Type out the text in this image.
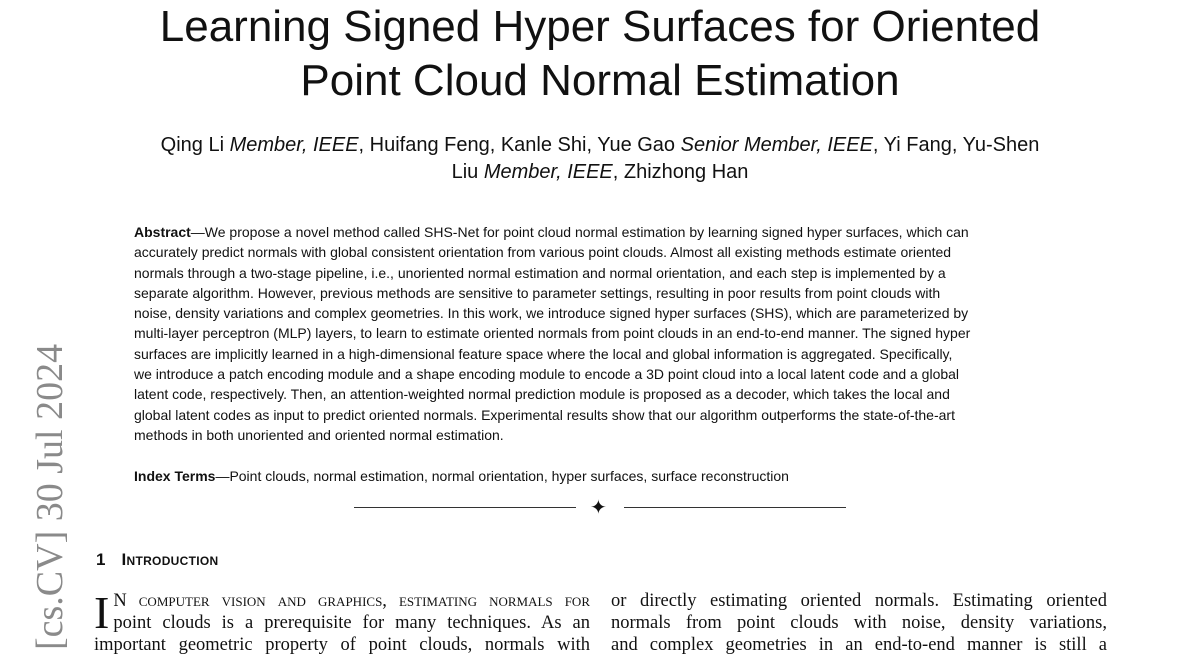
[cs.CV] 30 Jul 2024
Learning Signed Hyper Surfaces for Oriented
Point Cloud Normal Estimation
Qing Li Member, IEEE, Huifang Feng, Kanle Shi, Yue Gao Senior Member, IEEE, Yi Fang, Yu-Shen
Liu Member, IEEE, Zhizhong Han
Abstract—We propose a novel method called SHS-Net for point cloud normal estimation by learning signed hyper surfaces, which can
accurately predict normals with global consistent orientation from various point clouds. Almost all existing methods estimate oriented
normals through a two-stage pipeline, i.e., unoriented normal estimation and normal orientation, and each step is implemented by a
separate algorithm. However, previous methods are sensitive to parameter settings, resulting in poor results from point clouds with
noise, density variations and complex geometries. In this work, we introduce signed hyper surfaces (SHS), which are parameterized by
multi-layer perceptron (MLP) layers, to learn to estimate oriented normals from point clouds in an end-to-end manner. The signed hyper
surfaces are implicitly learned in a high-dimensional feature space where the local and global information is aggregated. Specifically,
we introduce a patch encoding module and a shape encoding module to encode a 3D point cloud into a local latent code and a global
latent code, respectively. Then, an attention-weighted normal prediction module is proposed as a decoder, which takes the local and
global latent codes as input to predict oriented normals. Experimental results show that our algorithm outperforms the state-of-the-art
methods in both unoriented and oriented normal estimation.
Index Terms—Point clouds, normal estimation, normal orientation, hyper surfaces, surface reconstruction
✦
1 Introduction
I N computer vision and graphics, estimating normals for
point clouds is a prerequisite for many techniques. As an
important geometric property of point clouds, normals with
or directly estimating oriented normals. Estimating oriented
normals from point clouds with noise, density variations,
and complex geometries in an end-to-end manner is still a
